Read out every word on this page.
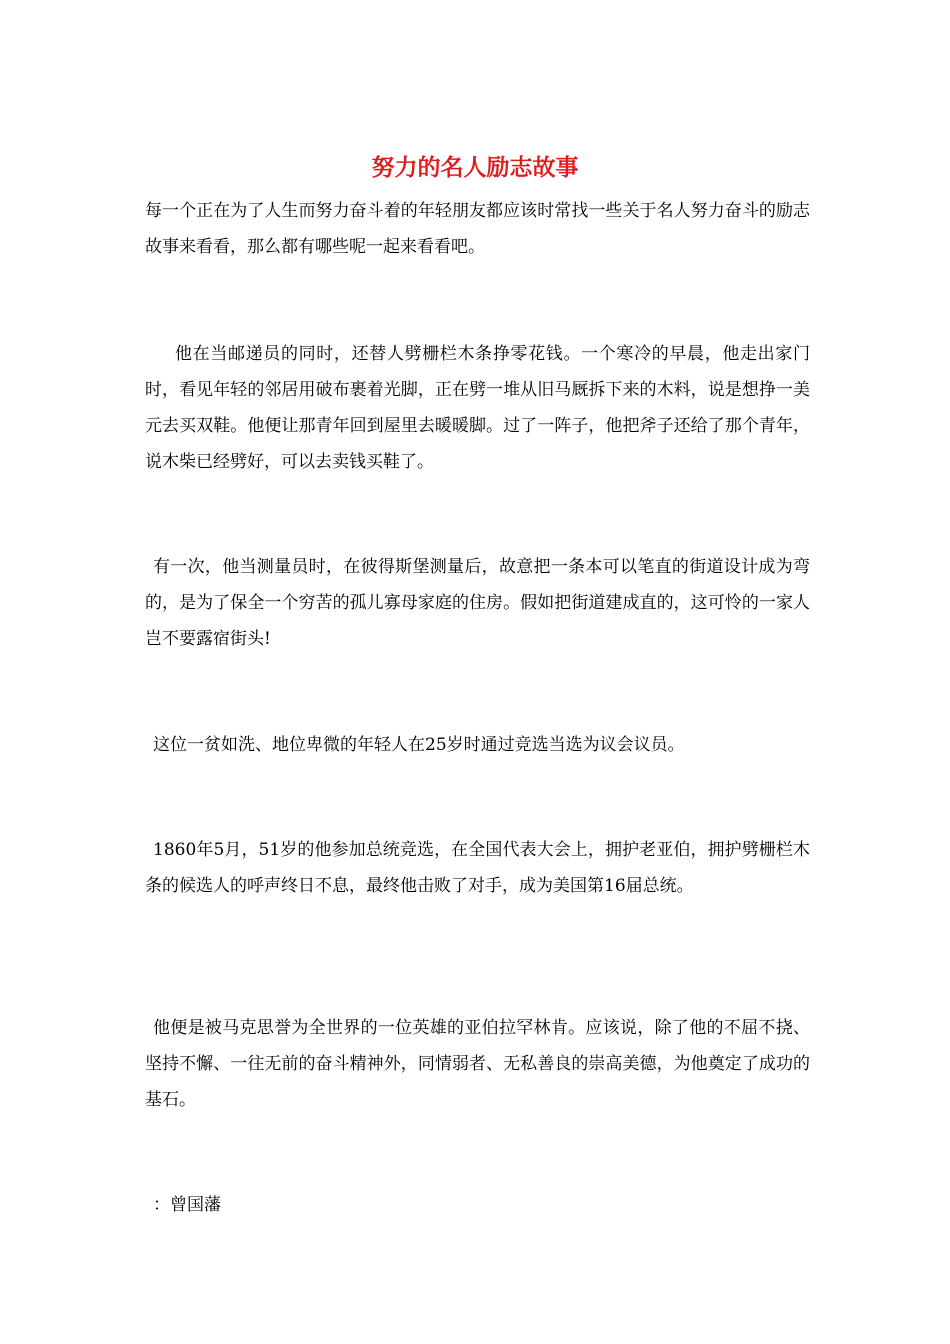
努力的名人励志故事

每一个正在为了人生而努力奋斗着的年轻朋友都应该时常找一些关于名人努力奋斗的励志故事来看看，那么都有哪些呢一起来看看吧。

他在当邮递员的同时，还替人劈栅栏木条挣零花钱。一个寒冷的早晨，他走出家门时，看见年轻的邻居用破布裹着光脚，正在劈一堆从旧马厩拆下来的木料，说是想挣一美元去买双鞋。他便让那青年回到屋里去暖暖脚。过了一阵子，他把斧子还给了那个青年，说木柴已经劈好，可以去卖钱买鞋了。

有一次，他当测量员时，在彼得斯堡测量后，故意把一条本可以笔直的街道设计成为弯的，是为了保全一个穷苦的孤儿寡母家庭的住房。假如把街道建成直的，这可怜的一家人岂不要露宿街头!

这位一贫如洗、地位卑微的年轻人在25岁时通过竞选当选为议会议员。

1860年5月，51岁的他参加总统竞选，在全国代表大会上，拥护老亚伯，拥护劈栅栏木条的候选人的呼声终日不息，最终他击败了对手，成为美国第16届总统。

他便是被马克思誉为全世界的一位英雄的亚伯拉罕林肯。应该说，除了他的不屈不挠、坚持不懈、一往无前的奋斗精神外，同情弱者、无私善良的崇高美德，为他奠定了成功的基石。

：曾国藩
